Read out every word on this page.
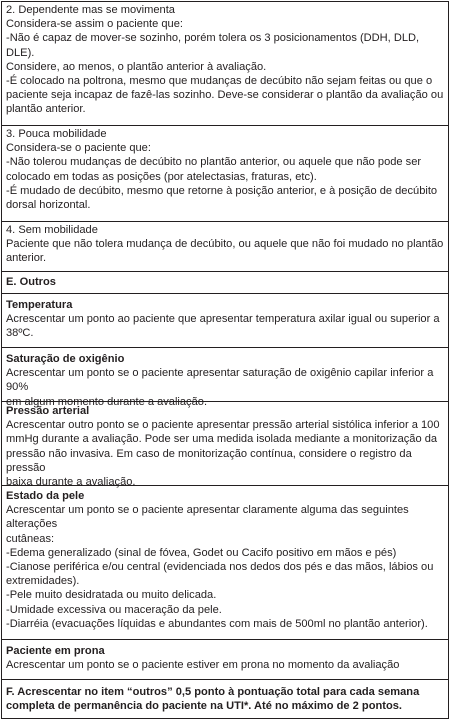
2. Dependente mas se movimenta
Considera-se assim o paciente que:
-Não é capaz de mover-se sozinho, porém tolera os 3 posicionamentos (DDH, DLD, DLE).
Considere, ao menos, o plantão anterior à avaliação.
-É colocado na poltrona, mesmo que mudanças de decúbito não sejam feitas ou que o
paciente seja incapaz de fazê-las sozinho. Deve-se considerar o plantão da avaliação ou
plantão anterior.
3. Pouca mobilidade
Considera-se o paciente que:
-Não tolerou mudanças de decúbito no plantão anterior, ou aquele que não pode ser
colocado em todas as posições (por atelectasias, fraturas, etc).
-É mudado de decúbito, mesmo que retorne à posição anterior, e à posição de decúbito
dorsal horizontal.
4. Sem mobilidade
Paciente que não tolera mudança de decúbito, ou aquele que não foi mudado no plantão
anterior.
E. Outros
Temperatura
Acrescentar um ponto ao paciente que apresentar temperatura axilar igual ou superior a
38ºC.
Saturação de oxigênio
Acrescentar um ponto se o paciente apresentar saturação de oxigênio capilar inferior a 90%
em algum momento durante a avaliação.
Pressão arterial
Acrescentar outro ponto se o paciente apresentar pressão arterial sistólica inferior a 100
mmHg durante a avaliação. Pode ser uma medida isolada mediante a monitorização da
pressão não invasiva. Em caso de monitorização contínua, considere o registro da pressão
baixa durante a avaliação.
Estado da pele
Acrescentar um ponto se o paciente apresentar claramente alguma das seguintes alterações
cutâneas:
-Edema generalizado (sinal de fóvea, Godet ou Cacifo positivo em mãos e pés)
-Cianose periférica e/ou central (evidenciada nos dedos dos pés e das mãos, lábios ou
extremidades).
-Pele muito desidratada ou muito delicada.
-Umidade excessiva ou maceração da pele.
-Diarréia (evacuações líquidas e abundantes com mais de 500ml no plantão anterior).
Paciente em prona
Acrescentar um ponto se o paciente estiver em prona no momento da avaliação
F. Acrescentar no item “outros” 0,5 ponto à pontuação total para cada semana
completa de permanência do paciente na UTI*. Até no máximo de 2 pontos.
